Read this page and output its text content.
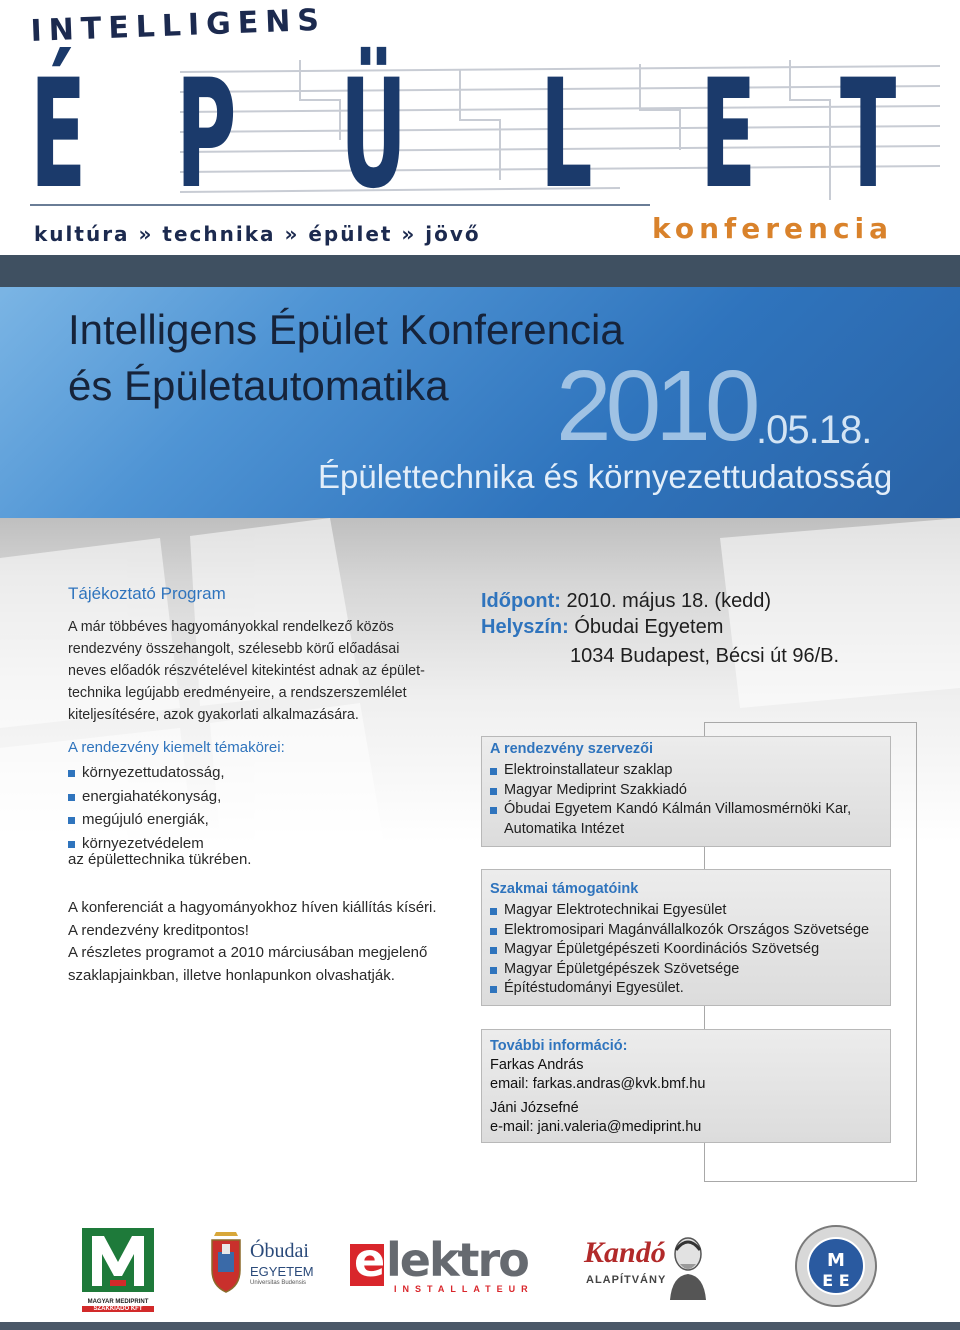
INTELLIGENS
É P Ü L E T
kultúra » technika » épület » jövő	konferencia
Intelligens Épület Konferencia
és Épületautomatika 2010 .05.18.
Épülettechnika és környezettudatosság
Tájékoztató Program

A már többéves hagyományokkal rendelkező közös

rendezvény összehangolt, szélesebb körű előadásai

neves előadók részvételével kitekintést adnak az épület-

technika legújabb eredményeire, a rendszerszemlélet

kiteljesítésére, azok gyakorlati alkalmazására.

A rendezvény kiemelt témakörei:
környezettudatosság,
energiahatékonyság,
megújuló energiák,
környezetvédelem
az épülettechnika tükrében.
A konferenciát a hagyományokhoz híven kiállítás kíséri.
A rendezvény kreditpontos!
A részletes programot a 2010 márciusában megjelenő
szaklapjainkban, illetve honlapunkon olvashatják.
Időpont: 2010. május 18. (kedd)
Helyszín: Óbudai Egyetem
1034 Budapest, Bécsi út 96/B.
A rendezvény szervezői
Elektroinstallateur szaklap
Magyar Mediprint Szakkiadó
Óbudai Egyetem Kandó Kálmán Villamosmérnöki Kar,
Automatika Intézet
Szakmai támogatóink
Magyar Elektrotechnikai Egyesület
Elektromosipari Magánvállalkozók Országos Szövetsége
Magyar Épületgépészeti Koordinációs Szövetség
Magyar Épületgépészek Szövetsége
Építéstudományi Egyesület.
További információ:
Farkas András
email: farkas.andras@kvk.bmf.hu
Jáni Józsefné
e-mail: jani.valeria@mediprint.hu
MAGYAR MEDIPRINT
SZAKKIADÓ KFT
Óbudai
EGYETEM
Universitas Budensis e lektro
INSTALLATEUR
Kandó
ALAPÍTVÁNY
M
E E
